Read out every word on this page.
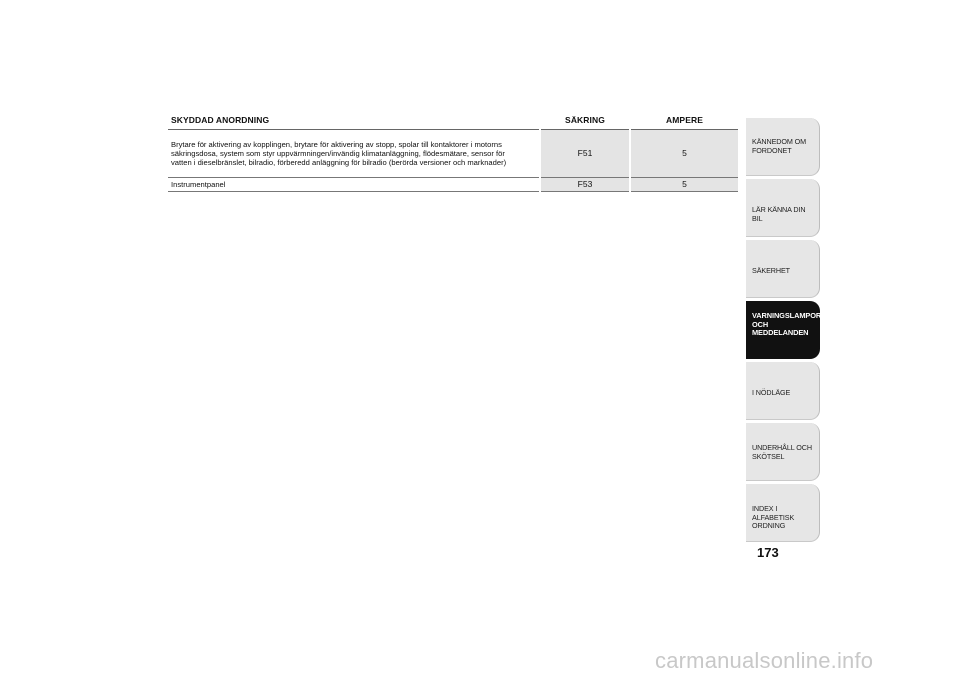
SKYDDAD ANORDNING	SÄKRING	AMPERE
Brytare för aktivering av kopplingen, brytare för aktivering av stopp, spolar till kontaktorer i motorns säkringsdosa, system som styr uppvärmningen/invändig klimatanläggning, flödesmätare, sensor för vatten i dieselbränslet, bilradio, förberedd anläggning för bilradio (berörda versioner och marknader)	F51	5
Instrumentpanel	F53	5
KÄNNEDOM OM FORDONET
LÄR KÄNNA DIN BIL
SÄKERHET
VARNINGSLAMPOR OCH MEDDELANDEN
I NÖDLÄGE
UNDERHÅLL OCH SKÖTSEL
INDEX I ALFABETISK ORDNING
173
carmanualsonline.info
